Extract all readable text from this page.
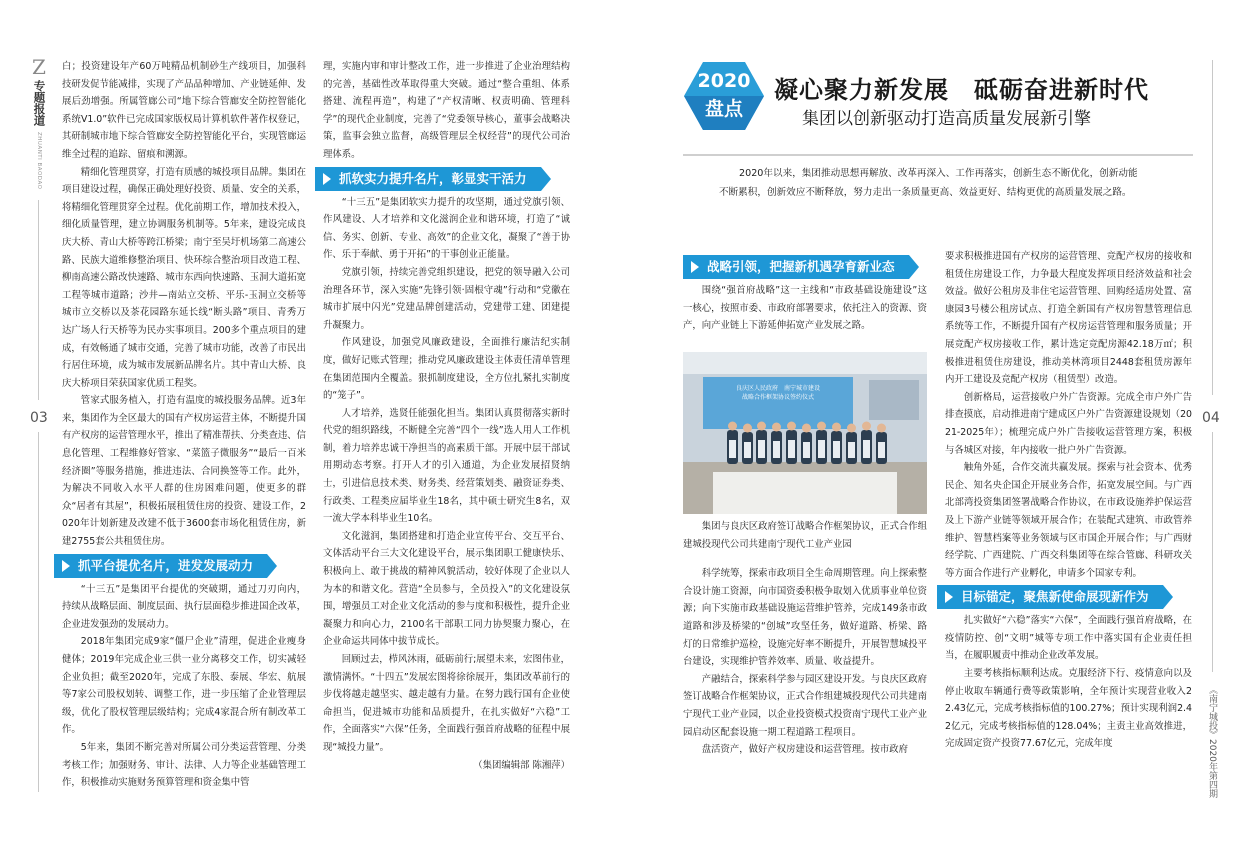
Z
专题报道
ZHUANTI BAODAO
03	04
《南宁城投》2020年第四期

白；投资建设年产60万吨精品机制砂生产线项目，加强科技研发促节能减排，实现了产品品种增加、产业链延伸、发展后劲增强。所属管廊公司“地下综合管廊安全防控智能化系统V1.0”软件已完成国家版权局计算机软件著作权登记，其研制城市地下综合管廊安全防控智能化平台，实现管廊运维全过程的追踪、留痕和溯源。

精细化管理贯穿，打造有质感的城投项目品牌。集团在项目建设过程，确保正确处理好投资、质量、安全的关系，将精细化管理贯穿全过程。优化前期工作，增加技术投入，细化质量管理，建立协调服务机制等。5年来，建设完成良庆大桥、青山大桥等跨江桥梁；南宁至吴圩机场第二高速公路、民族大道维修整治项目、快环综合整治项目改造工程、柳南高速公路改快速路、城市东西向快速路、玉洞大道拓宽工程等城市道路；沙井—南站立交桥、平乐-玉洞立交桥等城市立交桥以及茶花园路东延长线“断头路”项目、青秀万达广场人行天桥等为民办实事项目。200多个重点项目的建成，有效畅通了城市交通，完善了城市功能，改善了市民出行居住环境，成为城市发展新品牌名片。其中青山大桥、良庆大桥项目荣获国家优质工程奖。

管家式服务植入，打造有温度的城投服务品牌。近3年来，集团作为全区最大的国有产权房运营主体，不断提升国有产权房的运营管理水平，推出了精准帮扶、分类查违、信息化管理、工程维修好管家、“菜篮子微服务”“最后一百米经济圈”等服务措施，推进违法、合同换签等工作。此外，为解决不同收入水平人群的住房困难问题，使更多的群众“居者有其屋”，积极拓展租赁住房的投资、建设工作，2020年计划新建及改建不低于3600套市场化租赁住房，新建2755套公共租赁住房。

抓平台提优名片，进发发展动力

“十三五”是集团平台提优的突破期，通过刀刃向内，持续从战略层面、制度层面、执行层面稳步推进国企改革，企业进发强劲的发展动力。

2018年集团完成9家“僵尸企业”清理，促进企业瘦身健体；2019年完成企业三供一业分离移交工作，切实减轻企业负担；截至2020年，完成了东股、泰展、华宏、航展等7家公司股权划转、调整工作，进一步压缩了企业管理层级，优化了股权管理层级结构；完成4家混合所有制改革工作。

5年来，集团不断完善对所属公司分类运营管理、分类考核工作；加强财务、审计、法律、人力等企业基础管理工作，积极推动实施财务预算管理和资金集中管

理，实施内审和审计整改工作，进一步推进了企业治理结构的完善，基础性改革取得重大突破。通过“整合重组、体系搭建、流程再造”，构建了“产权清晰、权责明确、管理科学”的现代企业制度，完善了“党委领导核心，董事会战略决策，监事会独立监督，高级管理层全权经营”的现代公司治理体系。

抓软实力提升名片，彰显实干活力

“十三五”是集团软实力提升的攻坚期，通过党旗引领、作风建设、人才培养和文化滋润企业和谐环境，打造了“诚信、务实、创新、专业、高效”的企业文化，凝聚了“善于协作、乐于奉献、勇于开拓”的干事创业正能量。

党旗引领，持续完善党组织建设，把党的领导融入公司治理各环节，深入实施“先锋引领·固根守魂”行动和“党徽在城市扩展中闪光”党建品牌创建活动，党建带工建、团建提升凝聚力。

作风建设，加强党风廉政建设，全面推行廉洁纪实制度，做好记账式管理；推动党风廉政建设主体责任清单管理在集团范围内全覆盖。狠抓制度建设，全方位扎紧扎实制度的“笼子”。

人才培养，选贤任能强化担当。集团认真贯彻落实新时代党的组织路线，不断健全完善“四个一线”选人用人工作机制，着力培养忠诚干净担当的高素质干部。开展中层干部试用期动态考察。打开人才的引入通道，为企业发展招贤纳士，引进信息技术类、财务类、经营策划类、融资证券类、行政类、工程类应届毕业生18名，其中硕士研究生8名，双一流大学本科毕业生10名。

文化滋润，集团搭建和打造企业宣传平台、交互平台、文体活动平台三大文化建设平台，展示集团职工健康快乐、积极向上、敢于挑战的精神风貌活动，较好体现了企业以人为本的和谐文化。营造“全员参与，全员投入”的文化建设氛围，增强员工对企业文化活动的参与度和积极性，提升企业凝聚力和向心力，2100名干部职工同力协契聚力聚心，在企业命运共同体中拔节成长。

回顾过去，栉风沐雨，砥砺前行;展望未来，宏图伟业，激情满怀。“十四五”发展宏图将徐徐展开，集团改革前行的步伐将越走越坚实、越走越有力量。在努力践行国有企业使命担当，促进城市功能和品质提升，在扎实做好“六稳”工作，全面落实“六保”任务，全面践行强首府战略的征程中展现“城投力量”。

（集团编辑部 陈湘萍）
2020
盘点
凝心聚力新发展　砥砺奋进新时代
集团以创新驱动打造高质量发展新引擎
2020年以来，集团推动思想再解放、改革再深入、工作再落实，创新生态不断优化，创新动能
不断累积，创新效应不断释放，努力走出一条质量更高、效益更好、结构更优的高质量发展之路。
战略引领，把握新机遇孕育新业态

围绕“强首府战略”这一主线和“市政基础设施建设”这一核心，按照市委、市政府部署要求，依托注入的资源、资产，向产业链上下游延伸拓宽产业发展之路。

良庆区人民政府　南宁城市建设
战略合作框架协议签约仪式

集团与良庆区政府签订战略合作框架协议，正式合作组建城投现代公司共建南宁现代工业产业园

科学统筹，探索市政项目全生命周期管理。向上探索整合设计施工资源，向市国资委积极争取划入优质事业单位资源；向下实施市政基础设施运营维护管养，完成149条市政道路和涉及桥梁的“创城”攻坚任务，做好道路、桥梁、路灯的日常维护巡检，设施完好率不断提升，开展智慧城投平台建设，实现维护管养效率、质量、收益提升。

产融结合，探索科学参与园区建设开发。与良庆区政府签订战略合作框架协议，正式合作组建城投现代公司共建南宁现代工业产业园，以企业投资模式投资南宁现代工业产业园启动区配套设施一期工程道路工程项目。

盘活资产，做好产权房建设和运营管理。按市政府

要求积极推进国有产权房的运营管理、竞配产权房的接收和租赁住房建设工作，力争最大程度发挥项目经济效益和社会效益。做好公租房及非住宅运营管理、回购经适房处置、富康园3号楼公租房试点、打造全新国有产权房智慧管理信息系统等工作，不断提升国有产权房运营管理和服务质量；开展竞配产权房接收工作，累计选定竞配房源42.18万㎡；积极推进租赁住房建设，推动美林湾项目2448套租赁房源年内开工建设及竞配产权房（租赁型）改造。

创新格局，运营接收户外广告资源。完成全市户外广告排查摸底，启动推进南宁建成区户外广告资源建设规划（2021-2025年）；梳理完成户外广告接收运营管理方案，积极与各城区对接，年内接收一批户外广告资源。

触角外延，合作交流共赢发展。探索与社会资本、优秀民企、知名央企国企开展业务合作，拓宽发展空间。与广西北部湾投资集团签署战略合作协议，在市政设施养护保运营及上下游产业链等领域开展合作；在装配式建筑、市政管养维护、智慧档案等业务领域与区市国企开展合作；与广西财经学院、广西建院、广西交科集团等在综合管廊、科研攻关等方面合作进行产业孵化，申请多个国家专利。

目标锚定，聚焦新使命展现新作为

扎实做好“六稳”落实“六保”，全面践行强首府战略，在疫情防控、创“文明”城等专项工作中落实国有企业责任担当，在履职履责中推动企业改革发展。

主要考核指标顺利达成。克服经济下行、疫情意向以及停止收取车辆通行费等政策影响，全年预计实现营业收入22.43亿元，完成考核指标值的100.27%；预计实现利润2.42亿元，完成考核指标值的128.04%；主责主业高效推进，完成固定资产投资77.67亿元，完成年度
